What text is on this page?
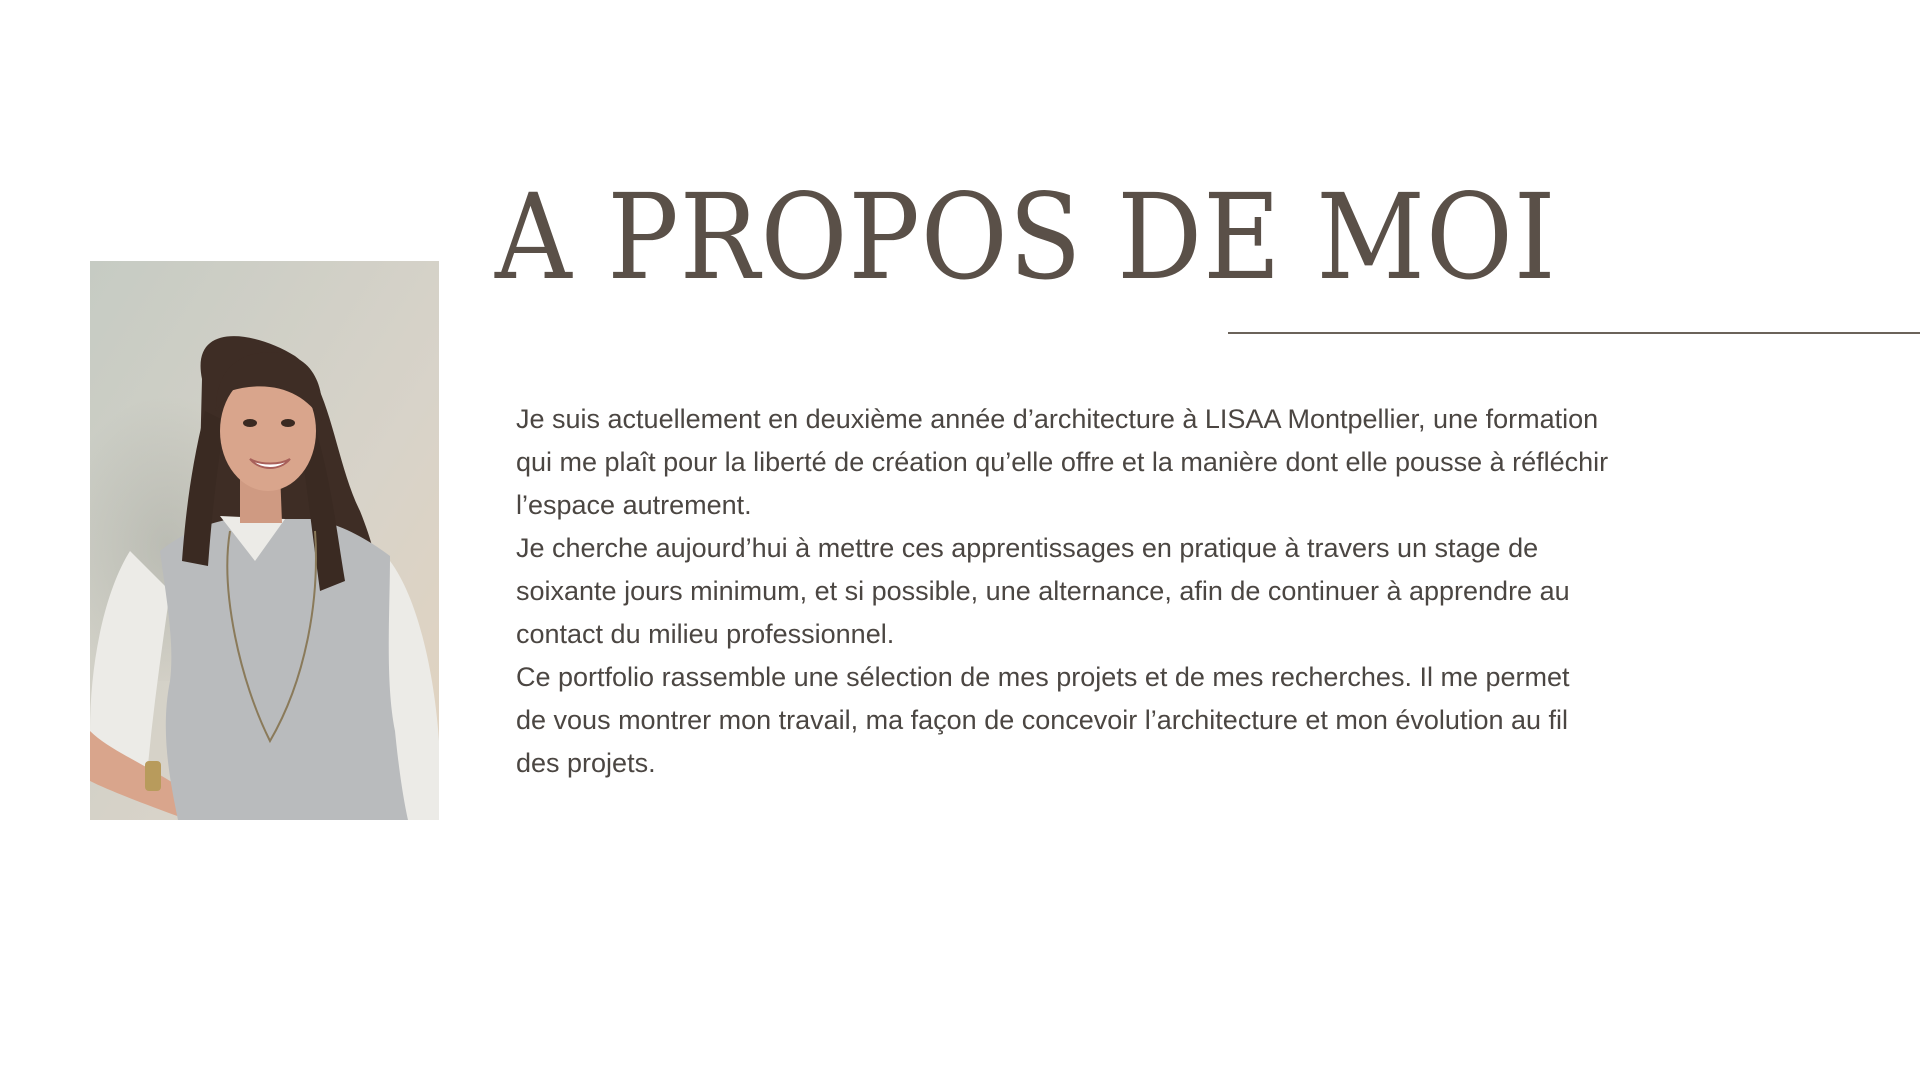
A PROPOS DE MOI

Je suis actuellement en deuxième année d’architecture à LISAA Montpellier, une formation
qui me plaît pour la liberté de création qu’elle offre et la manière dont elle pousse à réfléchir
l’espace autrement.

Je cherche aujourd’hui à mettre ces apprentissages en pratique à travers un stage de
soixante jours minimum, et si possible, une alternance, afin de continuer à apprendre au
contact du milieu professionnel.

Ce portfolio rassemble une sélection de mes projets et de mes recherches. Il me permet
de vous montrer mon travail, ma façon de concevoir l’architecture et mon évolution au fil
des projets.
